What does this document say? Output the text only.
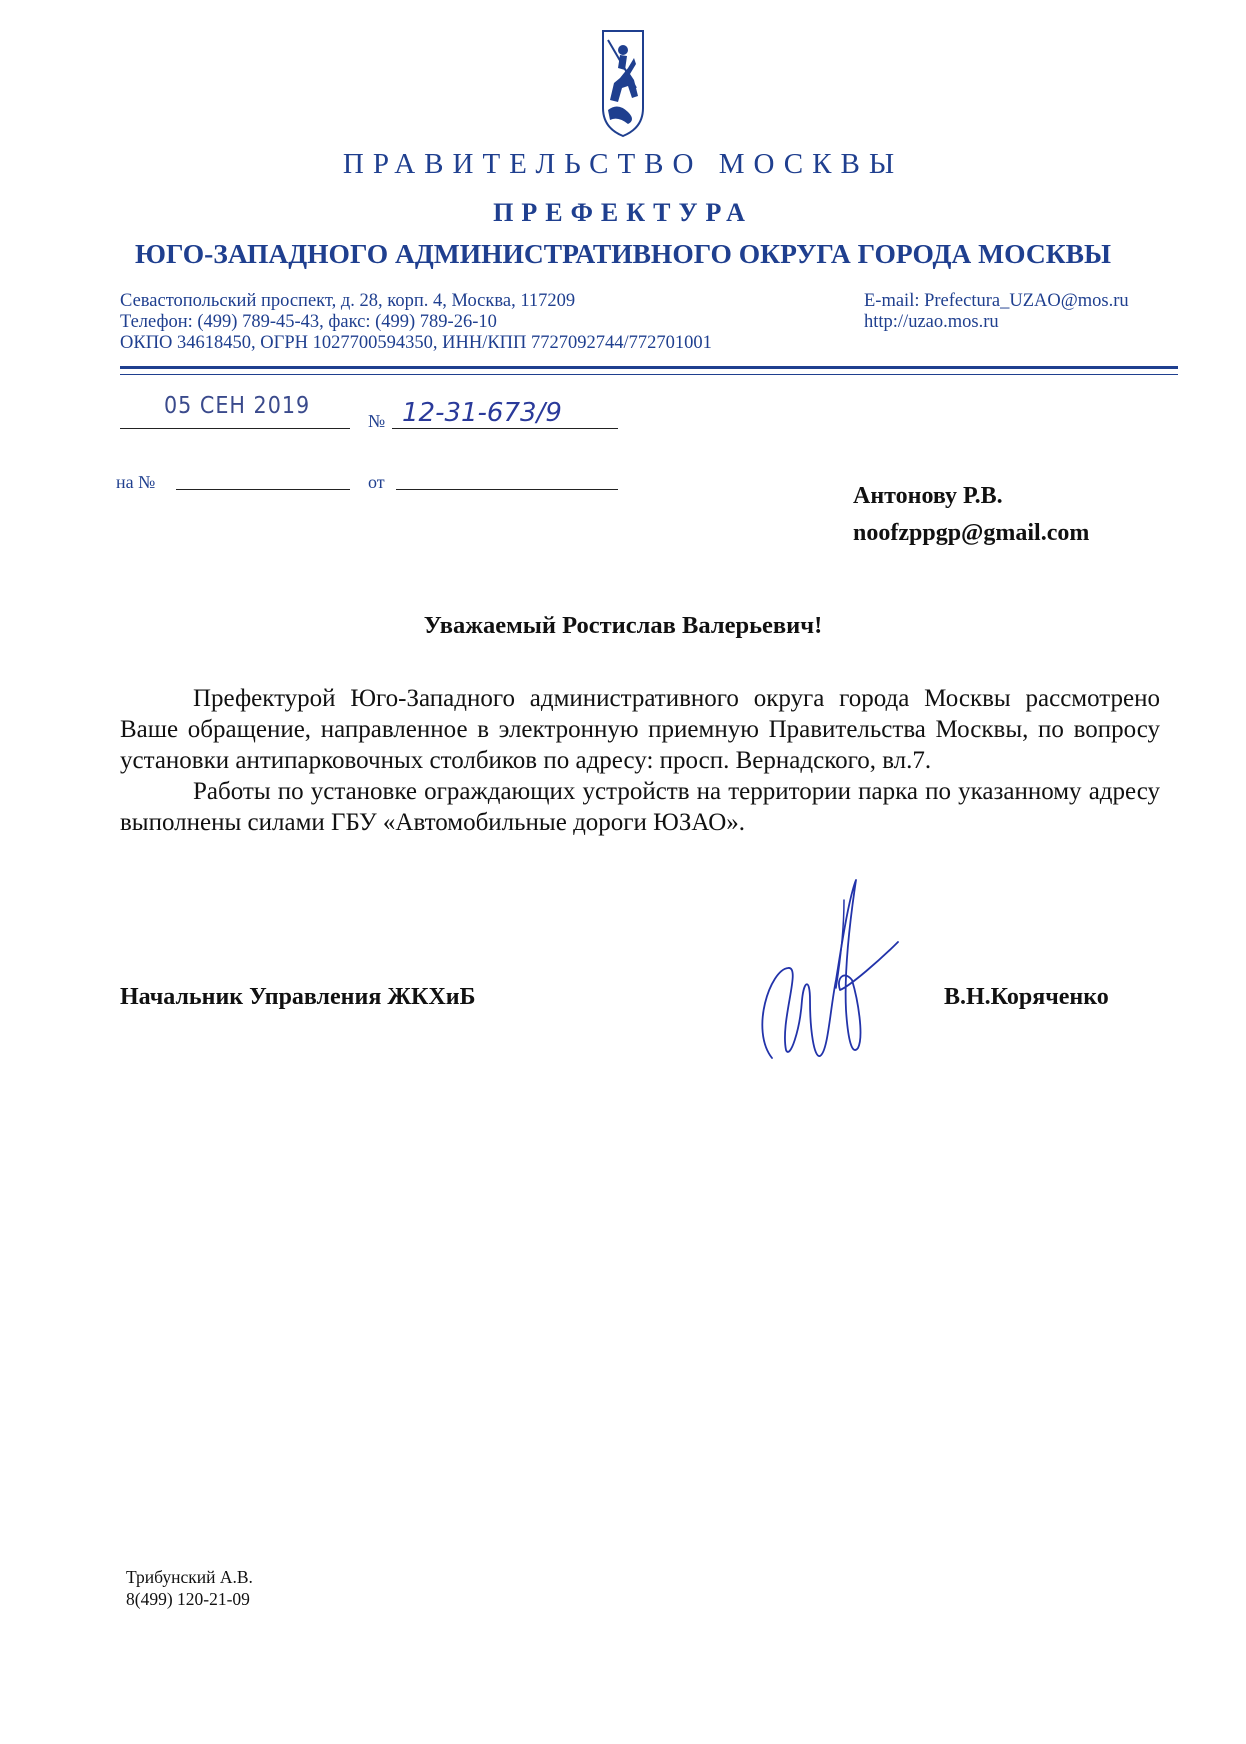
ПРАВИТЕЛЬСТВО МОСКВЫ
ПРЕФЕКТУРА
ЮГО-ЗАПАДНОГО АДМИНИСТРАТИВНОГО ОКРУГА ГОРОДА МОСКВЫ
Севастопольский проспект, д. 28, корп. 4, Москва, 117209
Телефон: (499) 789-45-43, факс: (499) 789-26-10
ОКПО 34618450, ОГРН 1027700594350, ИНН/КПП 7727092744/772701001
E-mail: Prefectura_UZAO@mos.ru
http://uzao.mos.ru
05 СЕН 2019
№ 12-31-673/9
на №	от
Антонову Р.В.
noofzppgp@gmail.com
Уважаемый Ростислав Валерьевич!

Префектурой Юго-Западного административного округа города Москвы рассмотрено Ваше обращение, направленное в электронную приемную Правительства Москвы, по вопросу установки антипарковочных столбиков по адресу: просп. Вернадского, вл.7.

Работы по установке ограждающих устройств на территории парка по указанному адресу выполнены силами ГБУ «Автомобильные дороги ЮЗАО».

Начальник Управления ЖКХиБ	В.Н.Коряченко
Трибунский А.В.
8(499) 120-21-09
